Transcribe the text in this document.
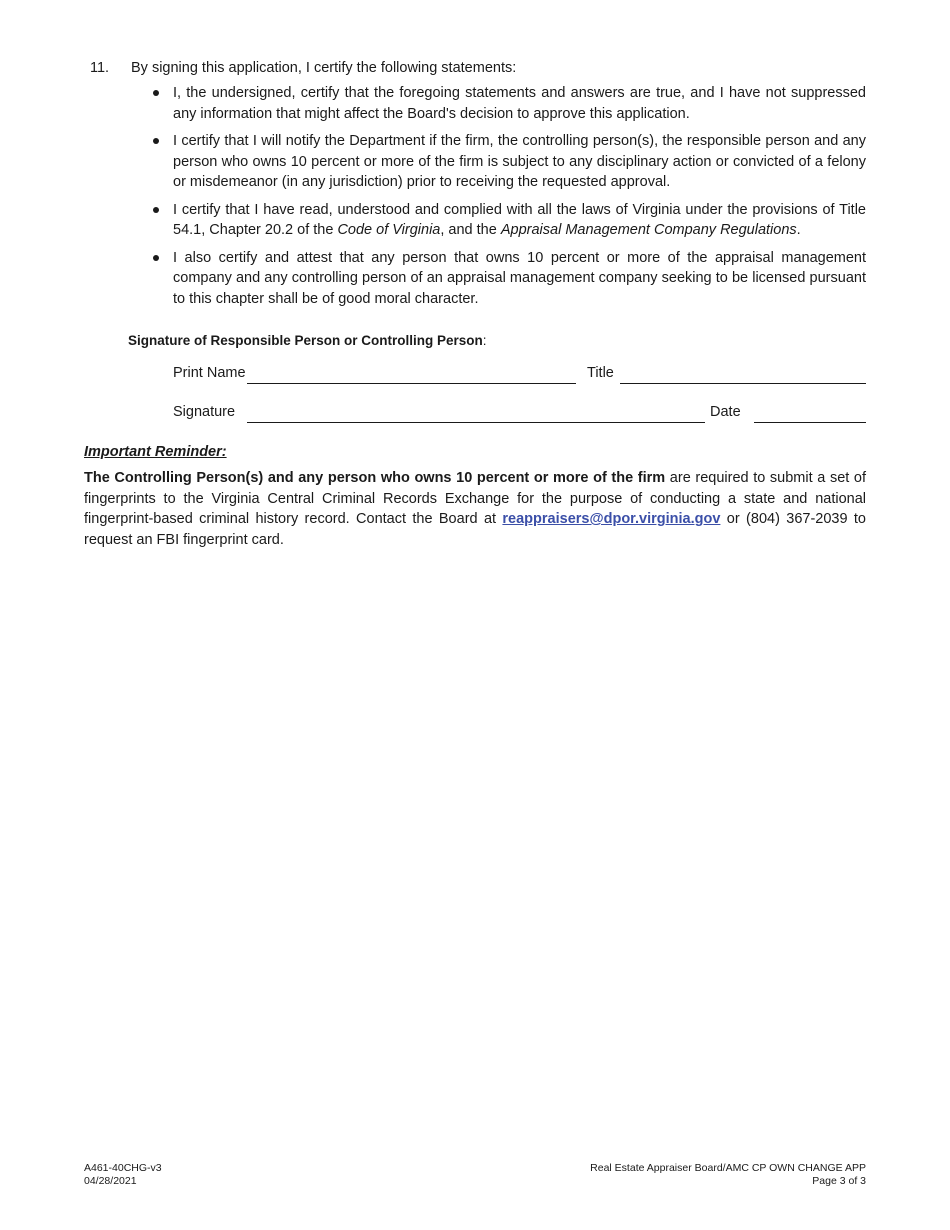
11. By signing this application, I certify the following statements:
I, the undersigned, certify that the foregoing statements and answers are true, and I have not suppressed any information that might affect the Board's decision to approve this application.
I certify that I will notify the Department if the firm, the controlling person(s), the responsible person and any person who owns 10 percent or more of the firm is subject to any disciplinary action or convicted of a felony or misdemeanor (in any jurisdiction) prior to receiving the requested approval.
I certify that I have read, understood and complied with all the laws of Virginia under the provisions of Title 54.1, Chapter 20.2 of the Code of Virginia, and the Appraisal Management Company Regulations.
I also certify and attest that any person that owns 10 percent or more of the appraisal management company and any controlling person of an appraisal management company seeking to be licensed pursuant to this chapter shall be of good moral character.
Signature of Responsible Person or Controlling Person:
Print Name	Title
Signature	Date
Important Reminder:

The Controlling Person(s) and any person who owns 10 percent or more of the firm are required to submit a set of fingerprints to the Virginia Central Criminal Records Exchange for the purpose of conducting a state and national fingerprint-based criminal history record. Contact the Board at reappraisers@dpor.virginia.gov or (804) 367-2039 to request an FBI fingerprint card.

A461-40CHG-v3
04/28/2021
Real Estate Appraiser Board/AMC CP OWN CHANGE APP
Page 3 of 3
